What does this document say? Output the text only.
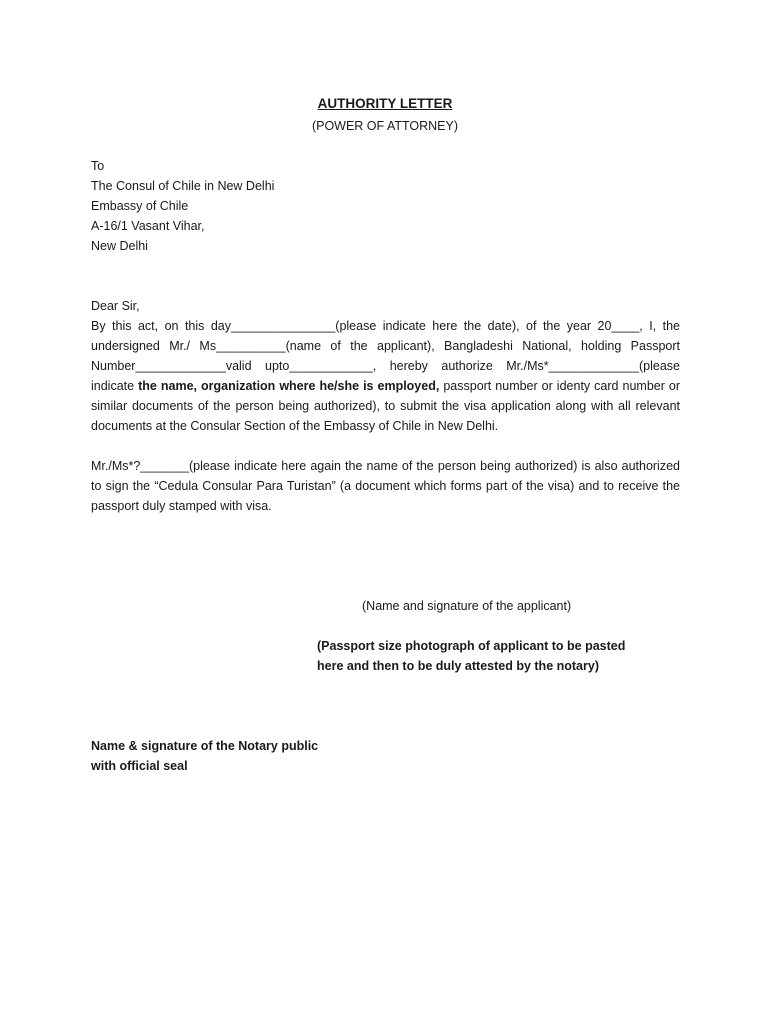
AUTHORITY LETTER
(POWER OF ATTORNEY)
To
The Consul of Chile in New Delhi
Embassy of Chile
A-16/1 Vasant Vihar,
New Delhi
Dear Sir,
By this act, on this day_______________(please indicate here the date), of the year 20____, I, the undersigned Mr./ Ms__________(name of the applicant), Bangladeshi National, holding Passport Number_____________valid upto____________, hereby authorize Mr./Ms*_____________(please indicate the name, organization where he/she is employed, passport number or identy card number or similar documents of the person being authorized), to submit the visa application along with all relevant documents at the Consular Section of the Embassy of Chile in New Delhi.
Mr./Ms*?_______(please indicate here again the name of the person being authorized) is also authorized to sign the “Cedula Consular Para Turistan” (a document which forms part of the visa) and to receive the passport duly stamped with visa.
(Name and signature of the applicant)
(Passport size photograph of applicant to be pasted
here and then to be duly attested by the notary)
Name & signature of the Notary public
with official seal
